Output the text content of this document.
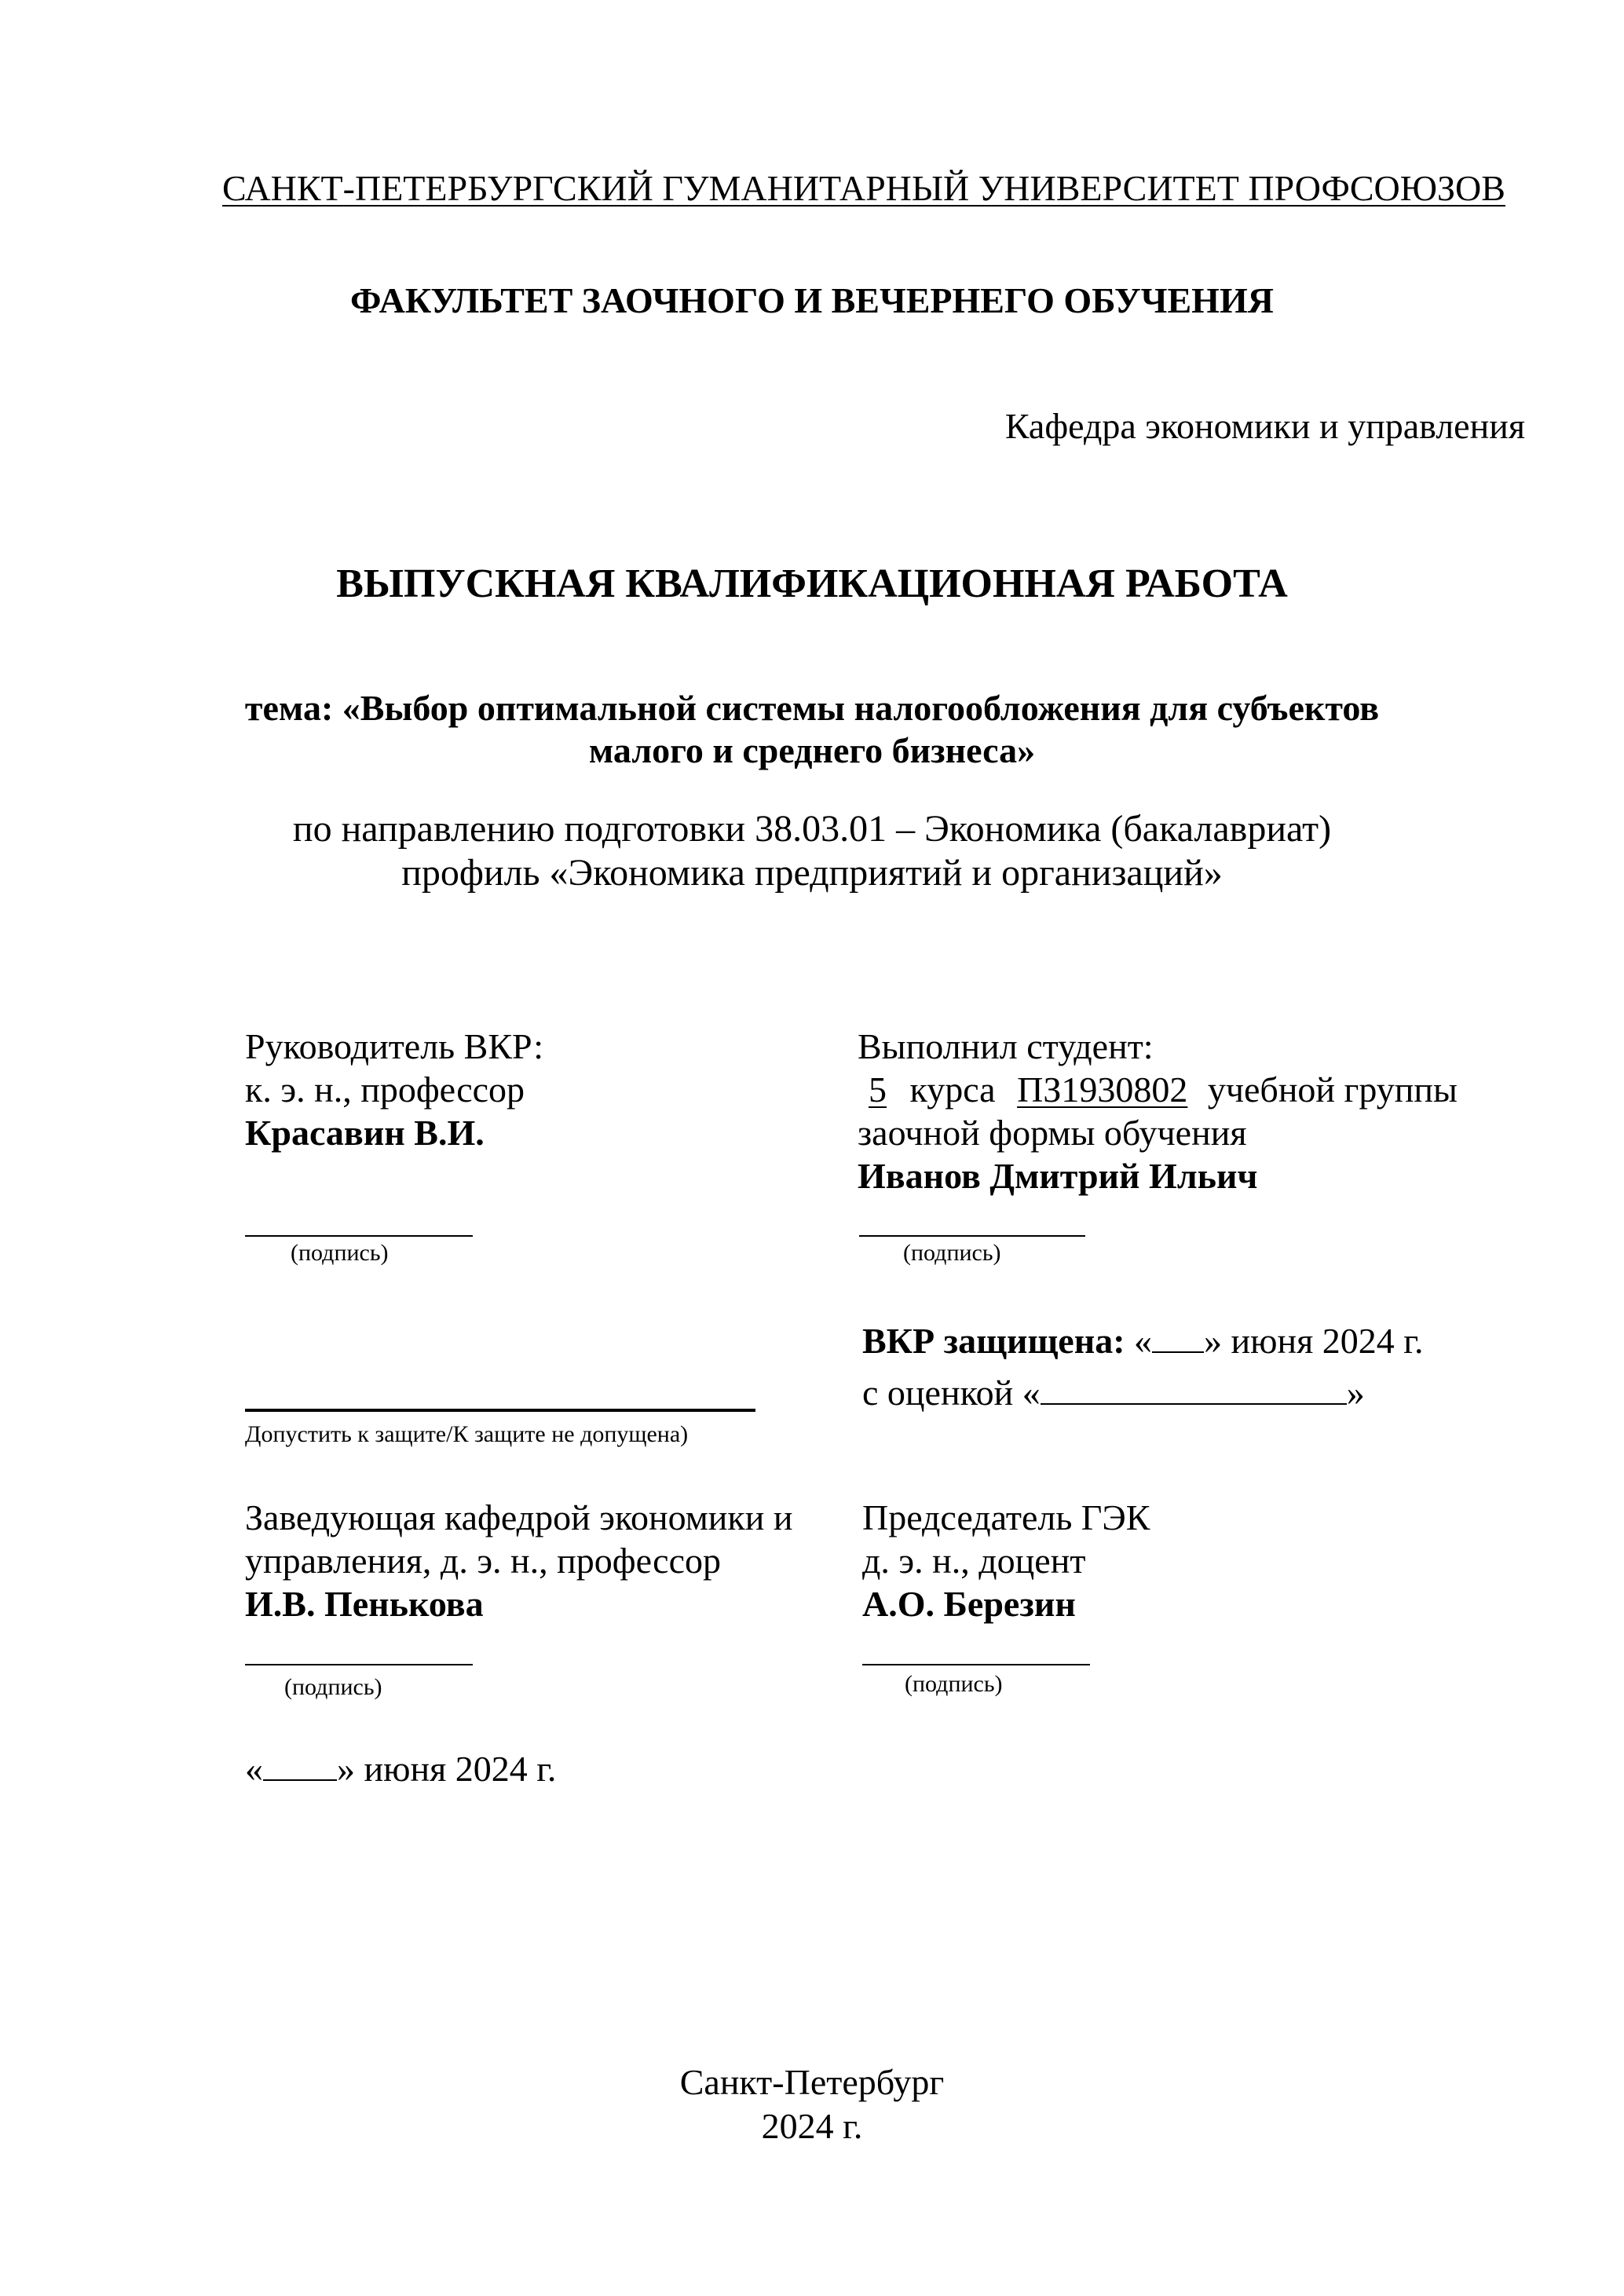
САНКТ-ПЕТЕРБУРГСКИЙ ГУМАНИТАРНЫЙ УНИВЕРСИТЕТ ПРОФСОЮЗОВ
ФАКУЛЬТЕТ ЗАОЧНОГО И ВЕЧЕРНЕГО ОБУЧЕНИЯ
Кафедра экономики и управления
ВЫПУСКНАЯ КВАЛИФИКАЦИОННАЯ РАБОТА
тема: «Выбор оптимальной системы налогообложения для субъектов
малого и среднего бизнеса»
по направлению подготовки 38.03.01 – Экономика (бакалавриат)
профиль «Экономика предприятий и организаций»
Руководитель ВКР:
к. э. н., профессор
Красавин В.И.
(подпись)
Выполнил студент:
5 курса ПЗ1930802 учебной группы
заочной формы обучения
Иванов Дмитрий Ильич
(подпись)
Допустить к защите/К защите не допущена)
ВКР защищена: « » июня 2024 г.
с оценкой «	»
Заведующая кафедрой экономики и
управления, д. э. н., профессор
И.В. Пенькова
(подпись)
Председатель ГЭК
д. э. н., доцент
А.О. Березин
(подпись)
« » июня 2024 г.
Санкт-Петербург
2024 г.
